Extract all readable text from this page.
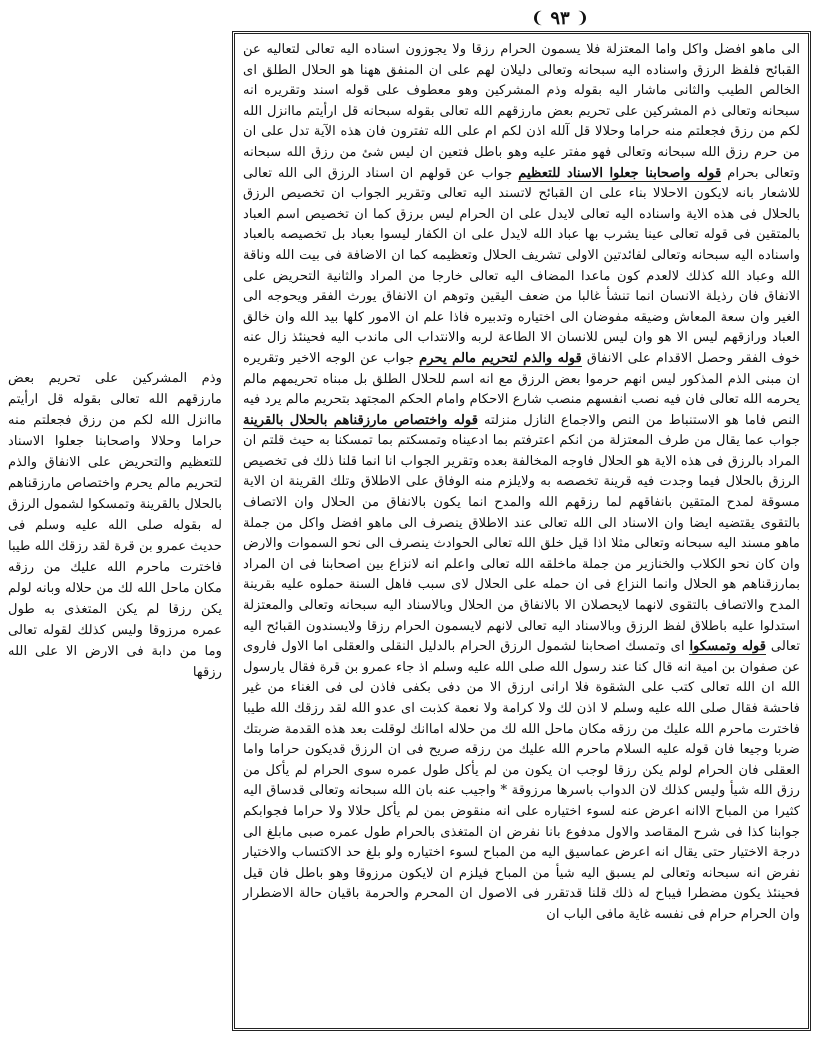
❨ ٩٣ ❩

الى ماهو افضل واكل واما المعتزلة فلا يسمون الحرام رزقا ولا يجوزون اسناده اليه تعالى لتعاليه عن القبائح فلفظ الرزق واسناده اليه سبحانه وتعالى دليلان لهم على ان المنفق ههنا هو الحلال الطلق اى الخالص الطيب والثانى ماشار اليه بقوله وذم المشركين وهو معطوف على قوله اسند وتقريره انه سبحانه وتعالى ذم المشركين على تحريم بعض مارزقهم الله تعالى بقوله سبحانه قل ارأيتم ماانزل الله لكم من رزق فجعلتم منه حراما وحلالا قل آلله اذن لكم ام على الله تفترون فان هذه الآية تدل على ان من حرم رزق الله سبحانه وتعالى فهو مفتر عليه وهو باطل فتعين ان ليس شئ من رزق الله سبحانه وتعالى بحرام قوله واصحابنا جعلوا الاسناد للتعظيم جواب عن قولهم ان اسناد الرزق الى الله تعالى للاشعار بانه لايكون الاحلالا بناء على ان القبائح لاتسند اليه تعالى وتقرير الجواب ان تخصيص الرزق بالحلال فى هذه الاية واسناده اليه تعالى لايدل على ان الحرام ليس برزق كما ان تخصيص اسم العباد بالمتقين فى قوله تعالى عينا يشرب بها عباد الله لايدل على ان الكفار ليسوا بعباد بل تخصيصه بالعباد واسناده اليه سبحانه وتعالى لفائدتين الاولى تشريف الحلال وتعظيمه كما ان الاضافة فى بيت الله وناقة الله وعباد الله كذلك لالعدم كون ماعدا المضاف اليه تعالى خارجا من المراد والثانية التحريض على الانفاق فان رذيلة الانسان انما تنشأ غالبا من ضعف اليقين وتوهم ان الانفاق يورث الفقر ويحوجه الى الغير وان سعة المعاش وضيقه مفوضان الى اختياره وتدبيره فاذا علم ان الامور كلها بيد الله وان خالق العباد ورازقهم ليس الا هو وان ليس للانسان الا الطاعة لربه والانتداب الى ماندب اليه فحينئذ زال عنه خوف الفقر وحصل الاقدام على الانفاق قوله والذم لتحريم مالم يحرم جواب عن الوجه الاخير وتقريره ان مبنى الذم المذكور ليس انهم حرموا بعض الرزق مع انه اسم للحلال الطلق بل مبناه تحريمهم مالم يحرمه الله تعالى فان فيه نصب انفسهم منصب شارع الاحكام وامام الحكم المجتهد بتحريم مالم يرد فيه النص فاما هو الاستنباط من النص والاجماع النازل منزلته قوله واختصاص مارزقناهم بالحلال بالقرينة جواب عما يقال من طرف المعتزلة من انكم اعترفتم بما ادعيناه وتمسكتم بما تمسكنا به حيث قلتم ان المراد بالرزق فى هذه الاية هو الحلال فاوجه المخالفة بعده وتقرير الجواب انا انما قلنا ذلك فى تخصيص الرزق بالحلال فيما وجدت فيه قرينة تخصصه به ولايلزم منه الوفاق على الاطلاق وتلك القرينة ان الاية مسوقة لمدح المتقين بانفاقهم لما رزقهم الله والمدح انما يكون بالانفاق من الحلال وان الاتصاف بالتقوى يقتضيه ايضا وان الاسناد الى الله تعالى عند الاطلاق ينصرف الى ماهو افضل واكل من جملة ماهو مسند اليه سبحانه وتعالى مثلا اذا قيل خلق الله تعالى الحوادث ينصرف الى نحو السموات والارض وان كان نحو الكلاب والخنازير من جملة ماخلقه الله تعالى واعلم انه لانزاع بين اصحابنا فى ان المراد بمارزقناهم هو الحلال وانما النزاع فى ان حمله على الحلال لاى سبب فاهل السنة حملوه عليه بقرينة المدح والاتصاف بالتقوى لانهما لايحصلان الا بالانفاق من الحلال وبالاسناد اليه سبحانه وتعالى والمعتزلة استدلوا عليه باطلاق لفظ الرزق وبالاسناد اليه تعالى لانهم لايسمون الحرام رزقا ولايسندون القبائح اليه تعالى قوله وتمسكوا اى وتمسك اصحابنا لشمول الرزق الحرام بالدليل النقلى والعقلى اما الاول فاروى عن صفوان بن امية انه قال كنا عند رسول الله صلى الله عليه وسلم اذ جاء عمرو بن قرة فقال يارسول الله ان الله تعالى كتب على الشقوة فلا ارانى ارزق الا من دفى بكفى فاذن لى فى الغناء من غير فاحشة فقال صلى الله عليه وسلم لا اذن لك ولا كرامة ولا نعمة كذبت اى عدو الله لقد رزقك الله طيبا فاخترت ماحرم الله عليك من رزقه مكان ماحل الله لك من حلاله اماانك لوقلت بعد هذه القدمة ضربتك ضربا وجيعا فان قوله عليه السلام ماحرم الله عليك من رزقه صريح فى ان الرزق قديكون حراما واما العقلى فان الحرام لولم يكن رزقا لوجب ان يكون من لم يأكل طول عمره سوى الحرام لم يأكل من رزق الله شيأ وليس كذلك لان الدواب باسرها مرزوقة * واجيب عنه بان الله سبحانه وتعالى قدساق اليه كثيرا من المباح الاانه اعرض عنه لسوء اختياره على انه منقوض بمن لم يأكل حلالا ولا حراما فجوابكم جوابنا كذا فى شرح المقاصد والاول مدفوع بانا نفرض ان المتغذى بالحرام طول عمره صبى مابلغ الى درجة الاختيار حتى يقال انه اعرض عماسيق اليه من المباح لسوء اختياره ولو بلغ حد الاكتساب والاختيار نفرض انه سبحانه وتعالى لم يسبق اليه شيأ من المباح فيلزم ان لايكون مرزوقا وهو باطل فان قيل فحينئذ يكون مضطرا فيباح له ذلك قلنا قدتقرر فى الاصول ان المحرم والحرمة باقيان حالة الاضطرار وان الحرام حرام فى نفسه غاية مافى الباب ان

وذم المشركين على تحريم بعض مارزقهم الله تعالى بقوله قل ارأيتم ماانزل الله لكم من رزق فجعلتم منه حراما وحلالا واصحابنا جعلوا الاسناد للتعظيم والتحريض على الانفاق والذم لتحريم مالم يحرم واختصاص مارزقناهم بالحلال بالقرينة وتمسكوا لشمول الرزق له بقوله صلى الله عليه وسلم فى حديث عمرو بن قرة لقد رزقك الله طيبا فاخترت ماحرم الله عليك من رزقه مكان ماحل الله لك من حلاله وبانه لولم يكن رزقا لم يكن المتغذى به طول عمره مرزوقا وليس كذلك لقوله تعالى وما من دابة فى الارض الا على الله رزقها
